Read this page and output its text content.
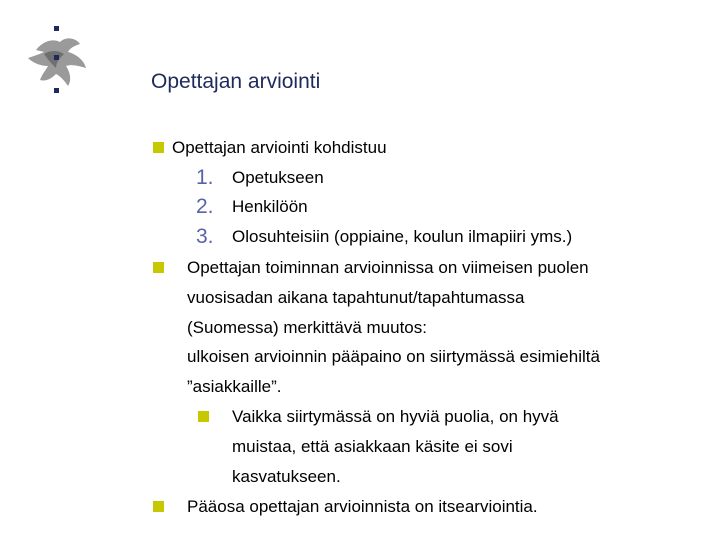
Opettajan arviointi
Opettajan arviointi kohdistuu
1. Opetukseen
2. Henkilöön
3. Olosuhteisiin (oppiaine, koulun ilmapiiri yms.)
Opettajan toiminnan arvioinnissa on viimeisen puolen
vuosisadan aikana tapahtunut/tapahtumassa
(Suomessa) merkittävä muutos:
ulkoisen arvioinnin pääpaino on siirtymässä esimiehiltä
”asiakkaille”.
Vaikka siirtymässä on hyviä puolia, on hyvä
muistaa, että asiakkaan käsite ei sovi
kasvatukseen.
Pääosa opettajan arvioinnista on itsearviointia.
